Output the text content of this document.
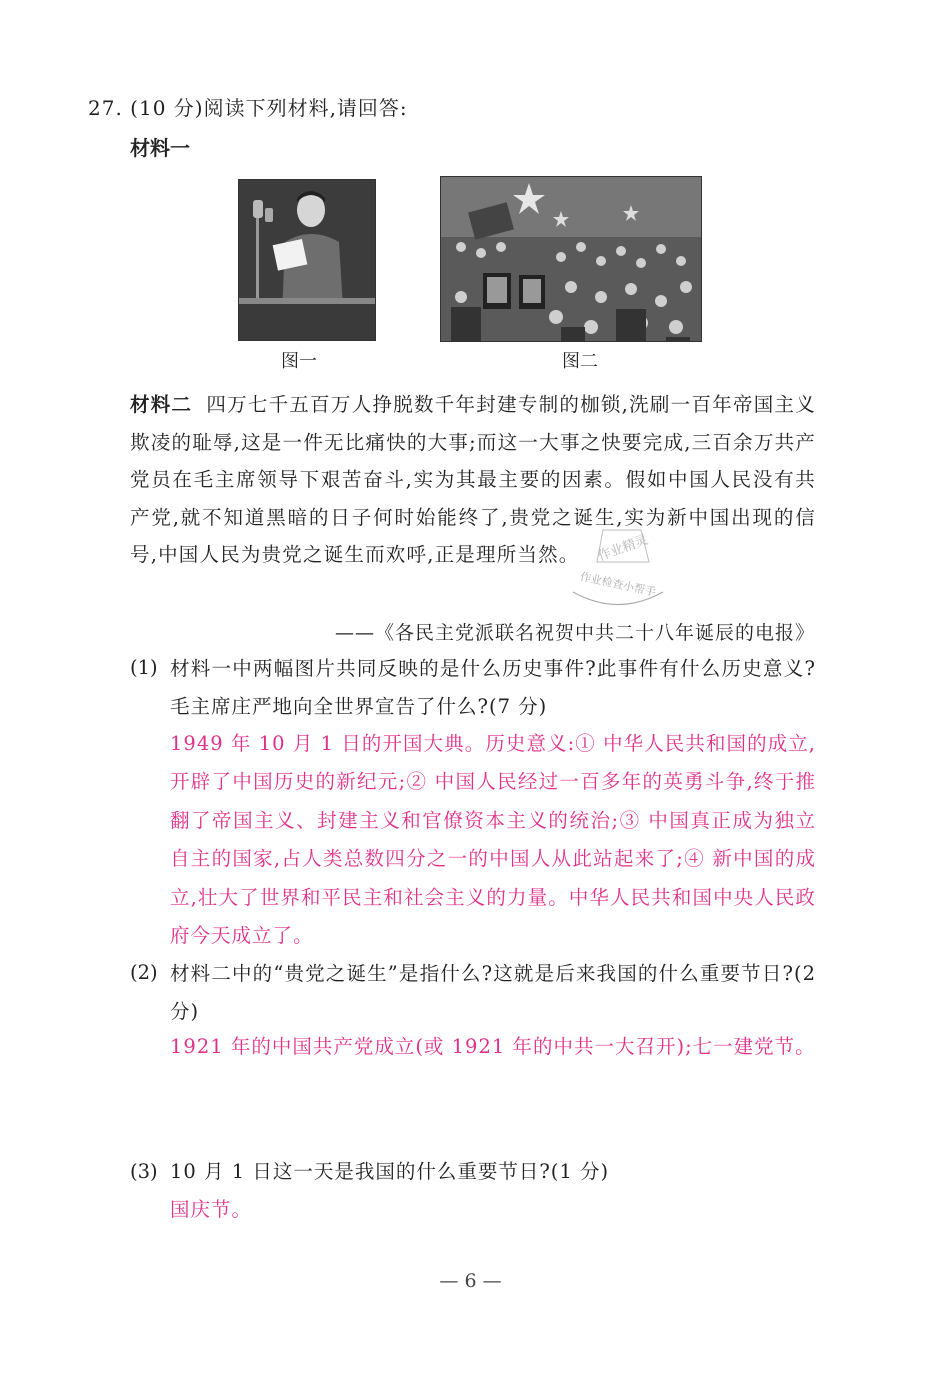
27. (10 分)阅读下列材料,请回答:
材料一
图一	图二
材料二 四万七千五百万人挣脱数千年封建专制的枷锁,洗刷一百年帝国主义欺凌的耻辱,这是一件无比痛快的大事;而这一大事之快要完成,三百余万共产党员在毛主席领导下艰苦奋斗,实为其最主要的因素。假如中国人民没有共产党,就不知道黑暗的日子何时始能终了,贵党之诞生,实为新中国出现的信号,中国人民为贵党之诞生而欢呼,正是理所当然。
——《各民主党派联名祝贺中共二十八年诞辰的电报》
作业精灵
作业检查小帮手
(1) 材料一中两幅图片共同反映的是什么历史事件?此事件有什么历史意义?毛主席庄严地向全世界宣告了什么?(7 分)
1949 年 10 月 1 日的开国大典。历史意义:① 中华人民共和国的成立,开辟了中国历史的新纪元;② 中国人民经过一百多年的英勇斗争,终于推翻了帝国主义、封建主义和官僚资本主义的统治;③ 中国真正成为独立自主的国家,占人类总数四分之一的中国人从此站起来了;④ 新中国的成立,壮大了世界和平民主和社会主义的力量。中华人民共和国中央人民政府今天成立了。
(2) 材料二中的“贵党之诞生”是指什么?这就是后来我国的什么重要节日?(2 分)
1921 年的中国共产党成立(或 1921 年的中共一大召开);七一建党节。
(3) 10 月 1 日这一天是我国的什么重要节日?(1 分)
国庆节。
— 6 —
